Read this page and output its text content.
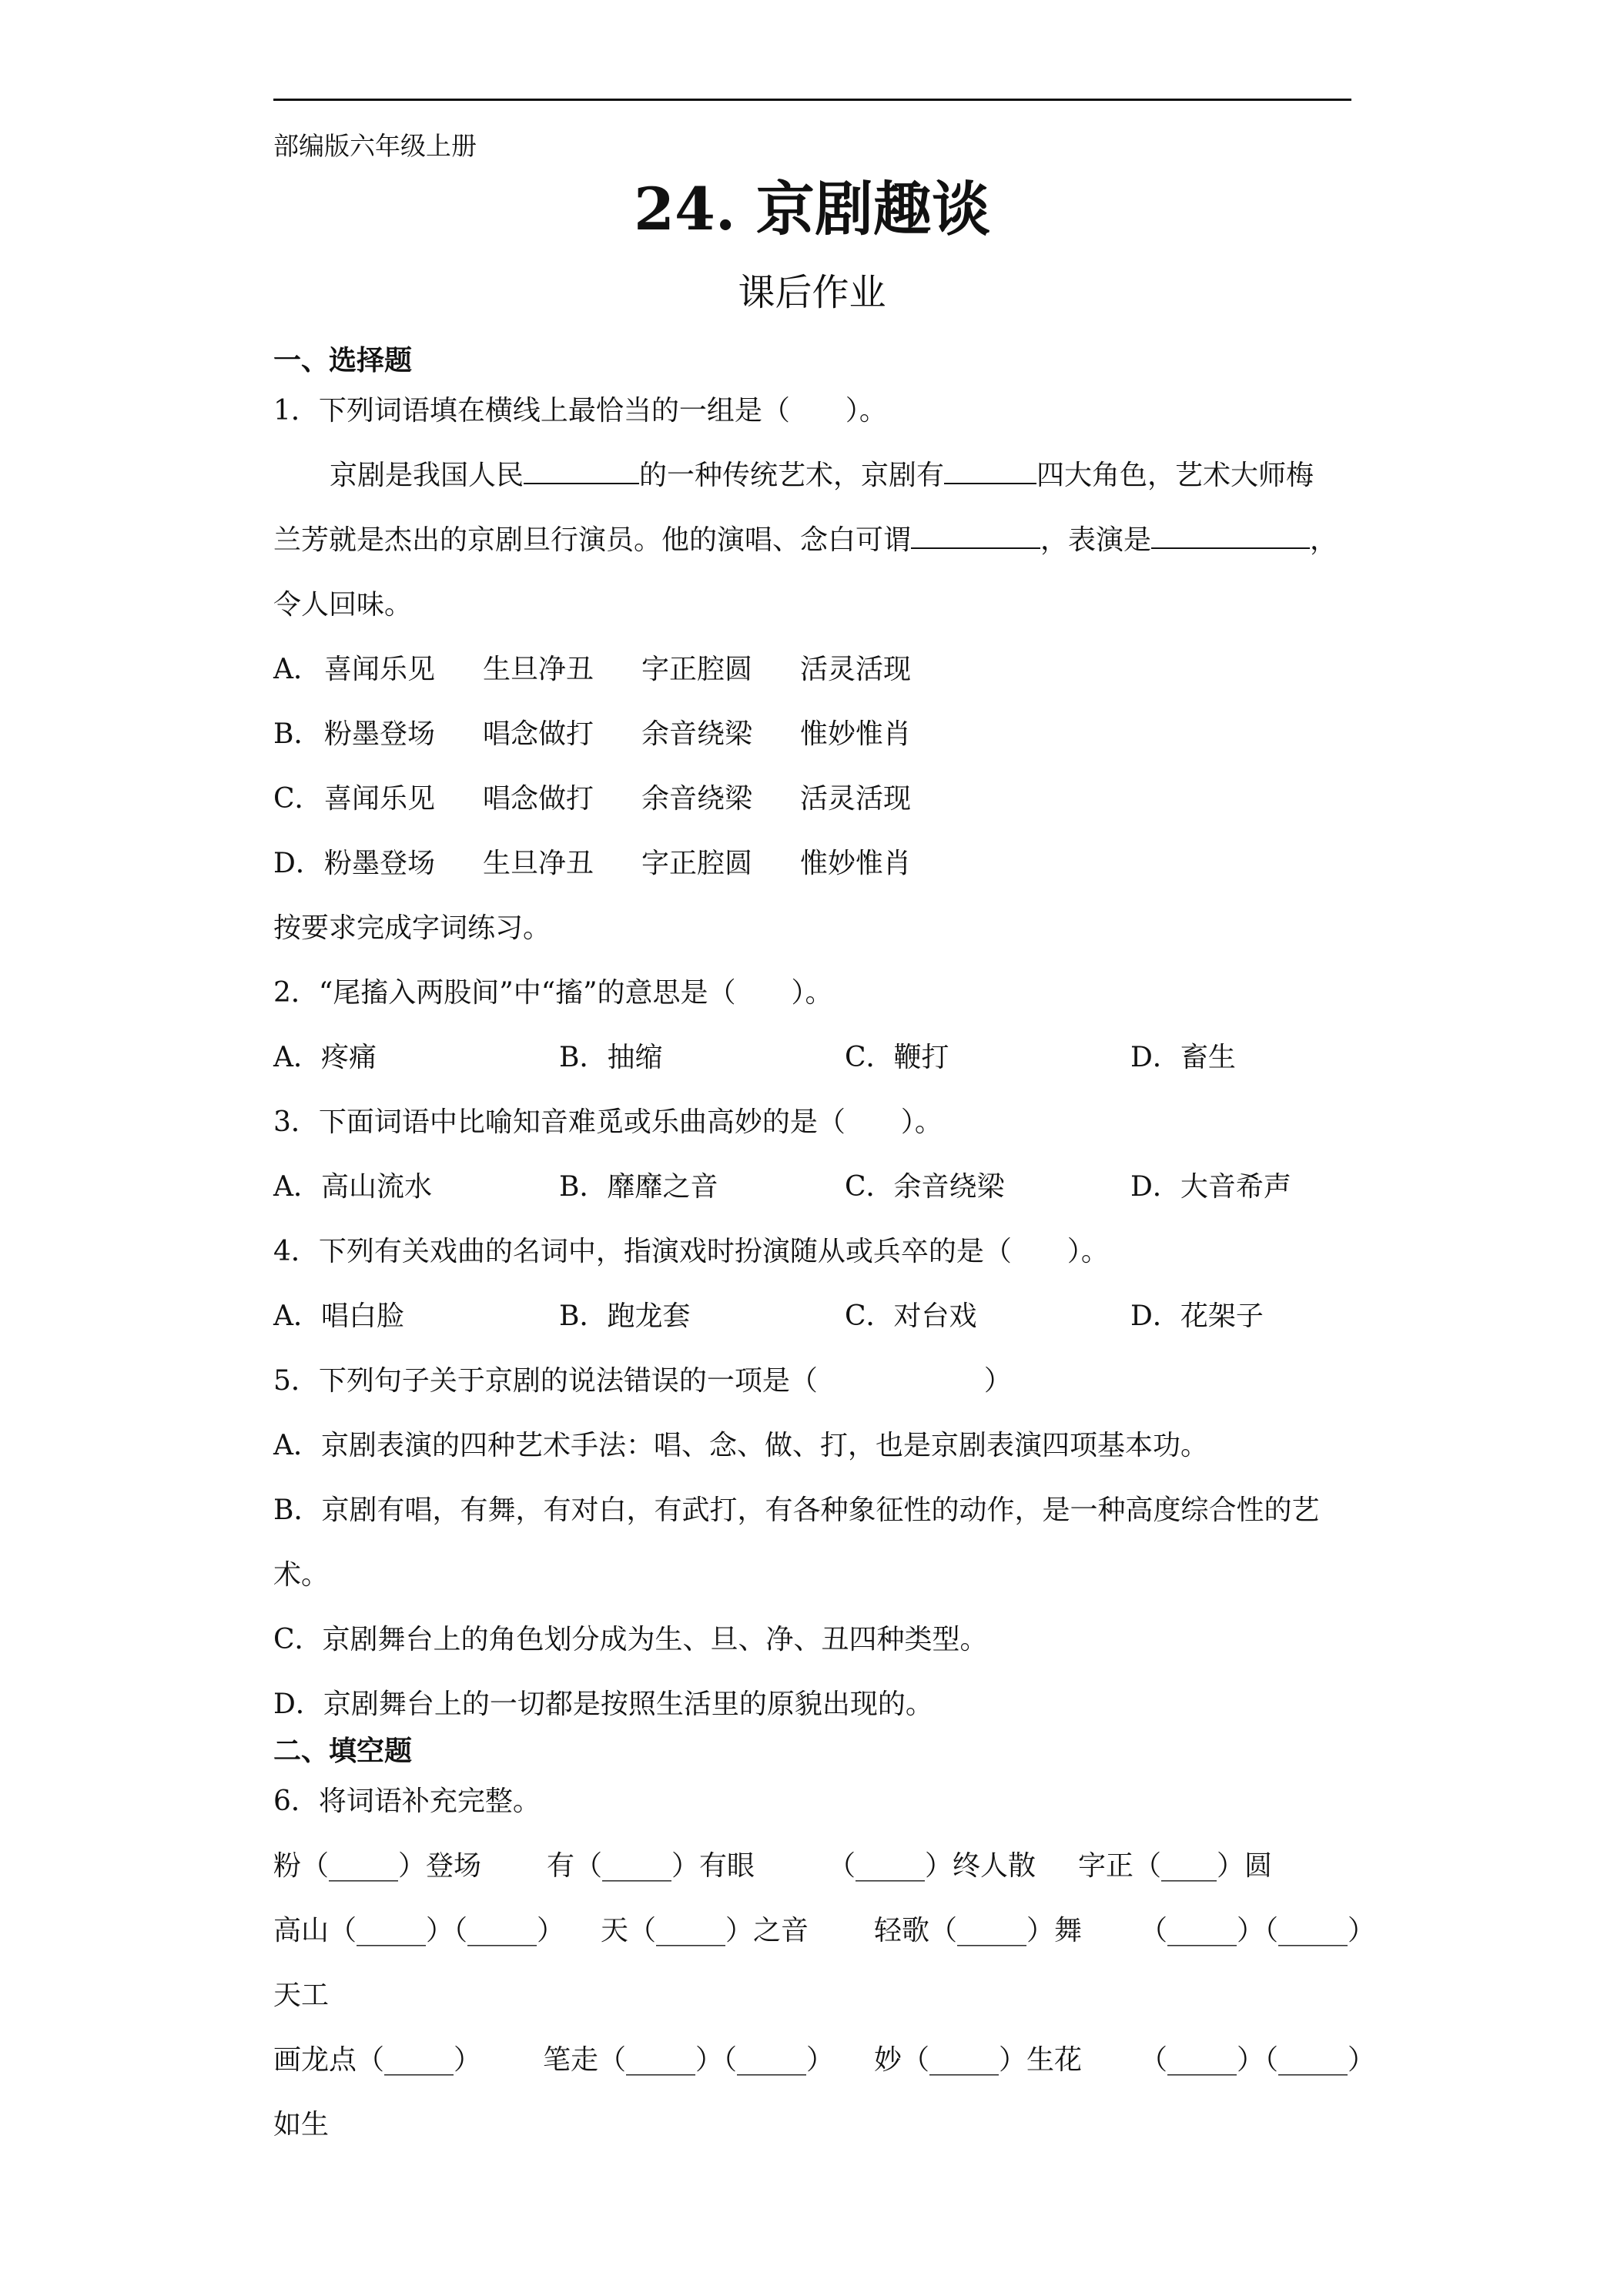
部编版六年级上册
24. 京剧趣谈
课后作业
一、选择题
1．下列词语填在横线上最恰当的一组是（　　）。
京剧是我国人民	的一种传统艺术，京剧有	四大角色，艺术大师梅
兰芳就是杰出的京剧旦行演员。他的演唱、念白可谓	，表演是	，
令人回味。
A． 喜闻乐见 生旦净丑 字正腔圆 活灵活现
B． 粉墨登场 唱念做打 余音绕梁 惟妙惟肖
C． 喜闻乐见 唱念做打 余音绕梁 活灵活现
D． 粉墨登场 生旦净丑 字正腔圆 惟妙惟肖
按要求完成字词练习。
2．“尾搐入两股间”中“搐”的意思是（　　）。
A．疼痛	B．抽缩	C．鞭打	D．畜生
3．下面词语中比喻知音难觅或乐曲高妙的是（　　）。
A．高山流水	B．靡靡之音	C．余音绕梁	D．大音希声
4．下列有关戏曲的名词中，指演戏时扮演随从或兵卒的是（　　）。
A．唱白脸	B．跑龙套	C．对台戏	D．花架子
5．下列句子关于京剧的说法错误的一项是（　　　　　　）
A．京剧表演的四种艺术手法：唱、念、做、打，也是京剧表演四项基本功。
B．京剧有唱，有舞，有对白，有武打，有各种象征性的动作，是一种高度综合性的艺
术。
C．京剧舞台上的角色划分成为生、旦、净、丑四种类型。
D．京剧舞台上的一切都是按照生活里的原貌出现的。
二、填空题
6．将词语补充完整。
粉（_____）登场 有（_____）有眼	（_____）终人散 字正（____）圆
高山（_____）（_____） 天（_____）之音 轻歌（_____）舞 （_____）（_____）
天工
画龙点（_____） 笔走（_____）（_____） 妙（_____）生花 （_____）（_____）
如生
